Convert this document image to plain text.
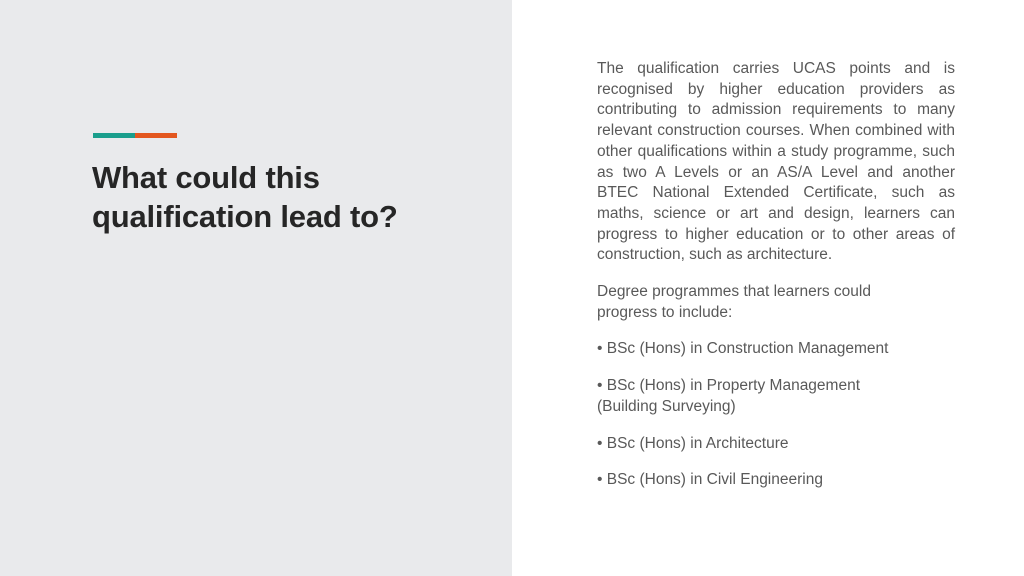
What could this
qualification lead to?

The qualification carries UCAS points and is recognised by higher education providers as contributing to admission requirements to many relevant construction courses. When combined with other qualifications within a study programme, such as two A Levels or an AS/A Level and another BTEC National Extended Certificate, such as maths, science or art and design, learners can progress to higher education or to other areas of construction, such as architecture.

Degree programmes that learners could
progress to include:

• BSc (Hons) in Construction Management

• BSc (Hons) in Property Management
(Building Surveying)

• BSc (Hons) in Architecture

• BSc (Hons) in Civil Engineering
